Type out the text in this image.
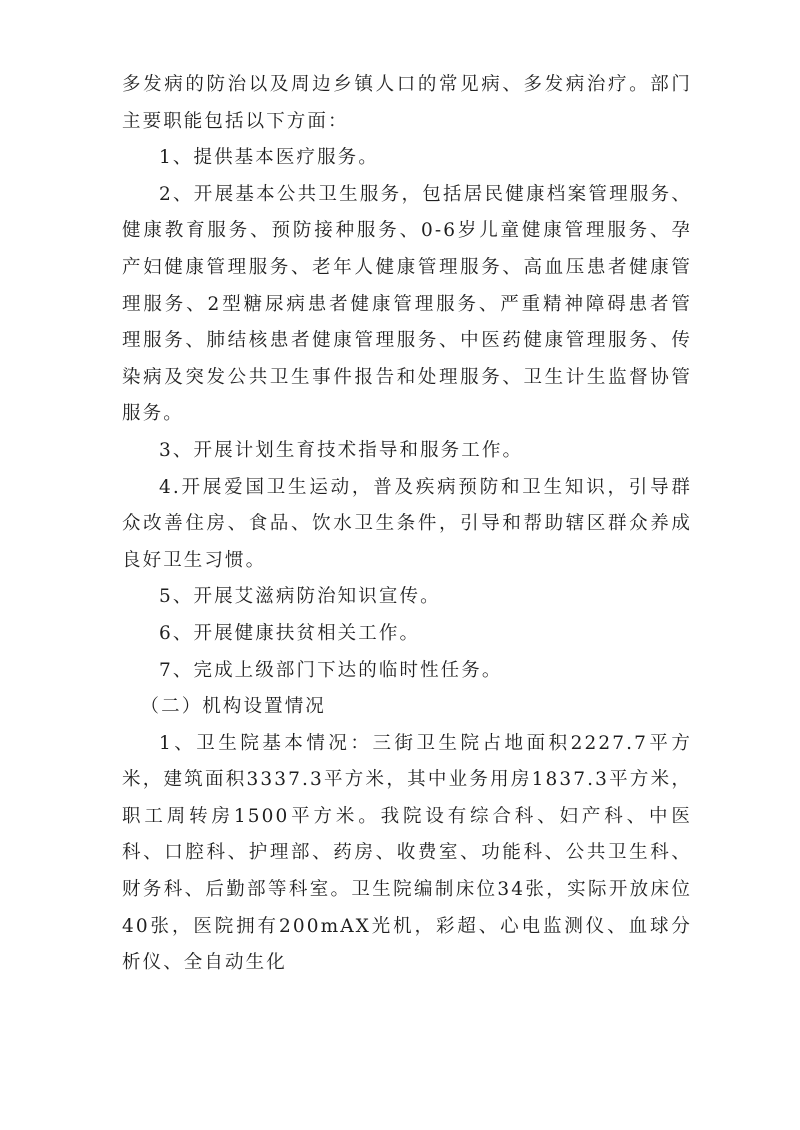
多发病的防治以及周边乡镇人口的常见病、多发病治疗。部门主要职能包括以下方面：

1、提供基本医疗服务。

2、开展基本公共卫生服务，包括居民健康档案管理服务、健康教育服务、预防接种服务、0-6岁儿童健康管理服务、孕产妇健康管理服务、老年人健康管理服务、高血压患者健康管理服务、2型糖尿病患者健康管理服务、严重精神障碍患者管理服务、肺结核患者健康管理服务、中医药健康管理服务、传染病及突发公共卫生事件报告和处理服务、卫生计生监督协管服务。

3、开展计划生育技术指导和服务工作。

4.开展爱国卫生运动，普及疾病预防和卫生知识，引导群众改善住房、食品、饮水卫生条件，引导和帮助辖区群众养成良好卫生习惯。

5、开展艾滋病防治知识宣传。

6、开展健康扶贫相关工作。

7、完成上级部门下达的临时性任务。

（二）机构设置情况

1、卫生院基本情况：三街卫生院占地面积2227.7平方米，建筑面积3337.3平方米，其中业务用房1837.3平方米，职工周转房1500平方米。我院设有综合科、妇产科、中医科、口腔科、护理部、药房、收费室、功能科、公共卫生科、财务科、后勤部等科室。卫生院编制床位34张，实际开放床位 40张，医院拥有200mAX光机，彩超、心电监测仪、血球分析仪、全自动生化
